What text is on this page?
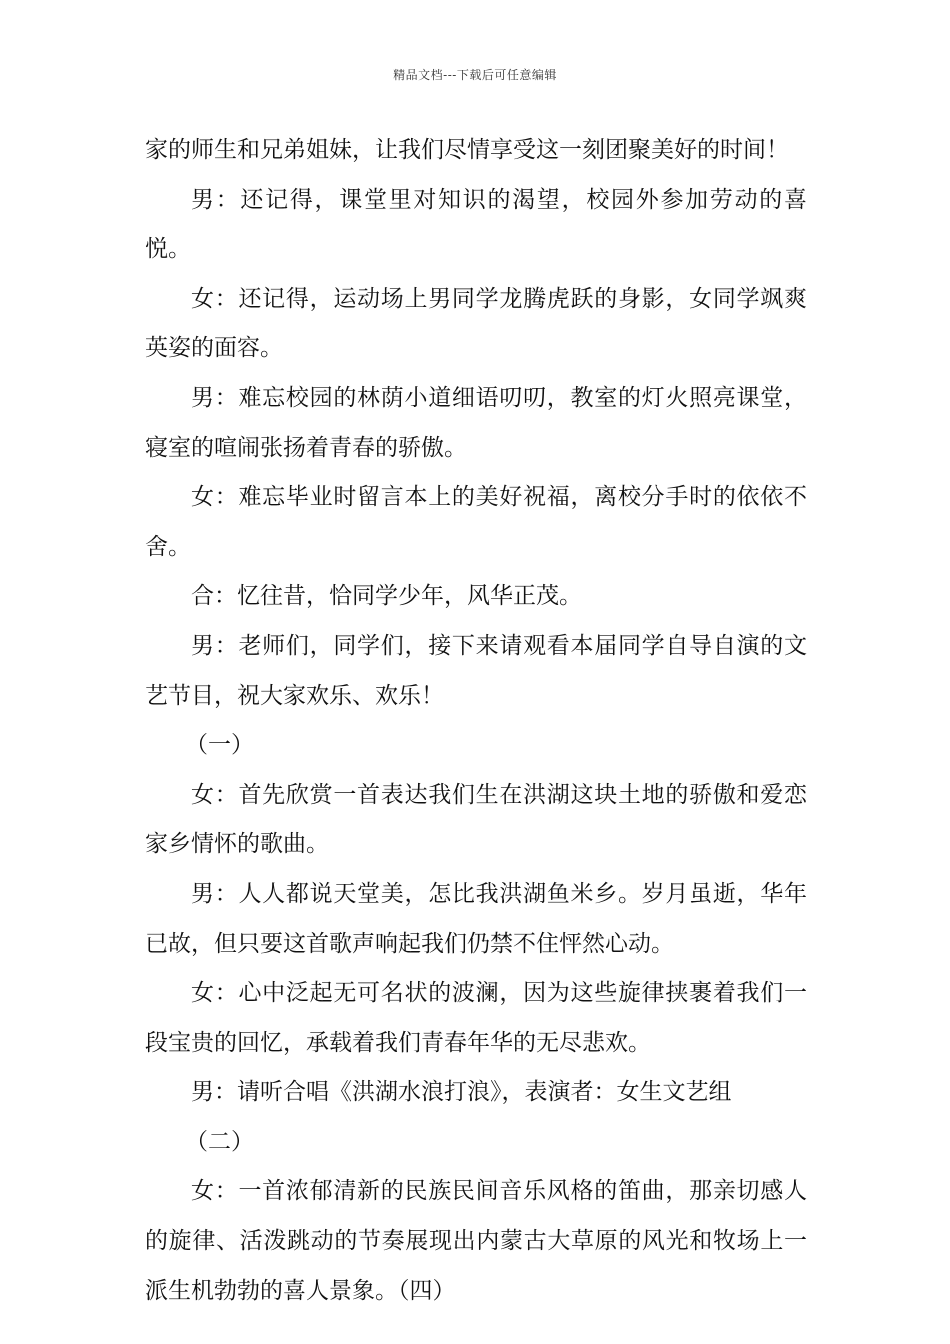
精品文档---下载后可任意编辑

家的师生和兄弟姐妹，让我们尽情享受这一刻团聚美好的时间！

男：还记得，课堂里对知识的渴望，校园外参加劳动的喜悦。

女：还记得，运动场上男同学龙腾虎跃的身影，女同学飒爽英姿的面容。

男：难忘校园的林荫小道细语叨叨，教室的灯火照亮课堂，寝室的喧闹张扬着青春的骄傲。

女：难忘毕业时留言本上的美好祝福，离校分手时的依依不舍。

合：忆往昔，恰同学少年，风华正茂。

男：老师们，同学们，接下来请观看本届同学自导自演的文艺节目，祝大家欢乐、欢乐！

（一）

女：首先欣赏一首表达我们生在洪湖这块土地的骄傲和爱恋家乡情怀的歌曲。

男：人人都说天堂美，怎比我洪湖鱼米乡。岁月虽逝，华年已故，但只要这首歌声响起我们仍禁不住怦然心动。

女：心中泛起无可名状的波澜，因为这些旋律挟裹着我们一段宝贵的回忆，承载着我们青春年华的无尽悲欢。

男：请听合唱《洪湖水浪打浪》，表演者：女生文艺组

（二）

女：一首浓郁清新的民族民间音乐风格的笛曲，那亲切感人的旋律、活泼跳动的节奏展现出内蒙古大草原的风光和牧场上一派生机勃勃的喜人景象。（四）
